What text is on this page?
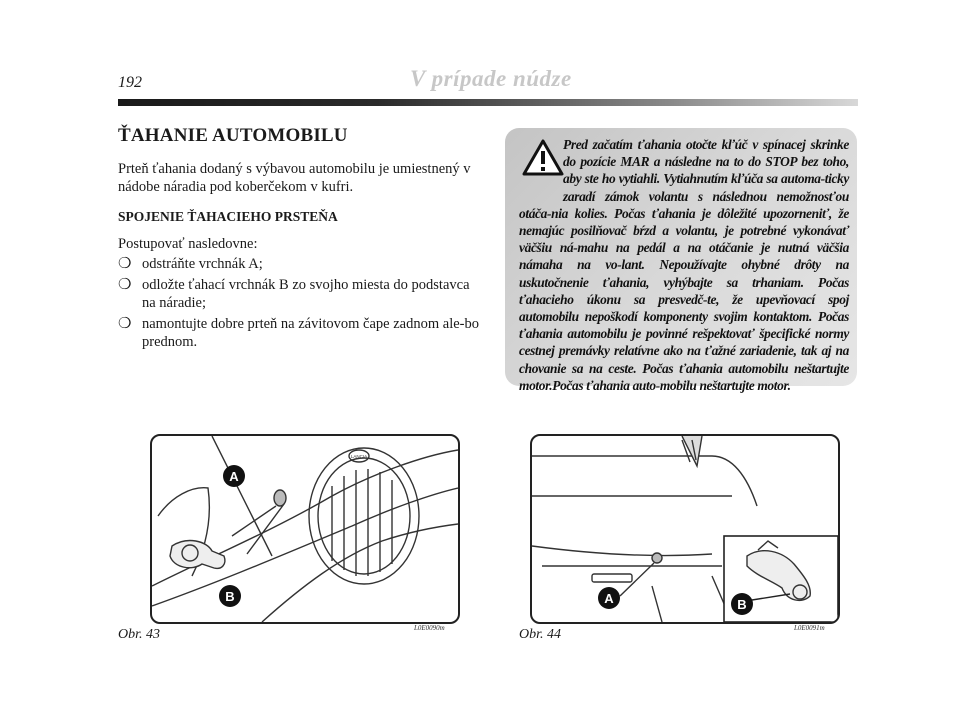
192	V prípade núdze
ŤAHANIE AUTOMOBILU
Prteň ťahania dodaný s výbavou automobilu je umiestnený v nádobe náradia pod koberčekom v kufri.
SPOJENIE ŤAHACIEHO PRSTEŇA
Postupovať nasledovne:
❍ odstráňte vrchnák A;
❍ odložte ťahací vrchnák B zo svojho miesta do podstavca na náradie;
❍ namontujte dobre prteň na závitovom čape zadnom ale-bo prednom.
Pred začatím ťahania otočte kľúč v spínacej skrinke do pozície MAR a následne na to do STOP bez toho, aby ste ho vytiahli. Vytiahnutím kľúča sa automa-ticky zaradí zámok volantu s následnou nemožnosťou otáča-nia kolies. Počas ťahania je dôležité upozorneniť, že nemajúc posilňovač bŕzd a volantu, je potrebné vykonávať väčšiu ná-mahu na pedál a na otáčanie je nutná väčšia námaha na vo-lant. Nepoužívajte ohybné drôty na uskutočnenie ťahania, vyhýbajte sa trhaniam. Počas ťahacieho úkonu sa presvedč-te, že upevňovací spoj automobilu nepoškodí komponenty svojim kontaktom. Počas ťahania automobilu je povinné rešpektovať špecifické normy cestnej premávky relatívne ako na ťažné zariadenie, tak aj na chovanie sa na ceste. Počas ťahania automobilu neštartujte motor.Počas ťahania auto-mobilu neštartujte motor.
A
B
LANCIA
Obr. 43	L0E0090m
A	B
Obr. 44	L0E0091m
